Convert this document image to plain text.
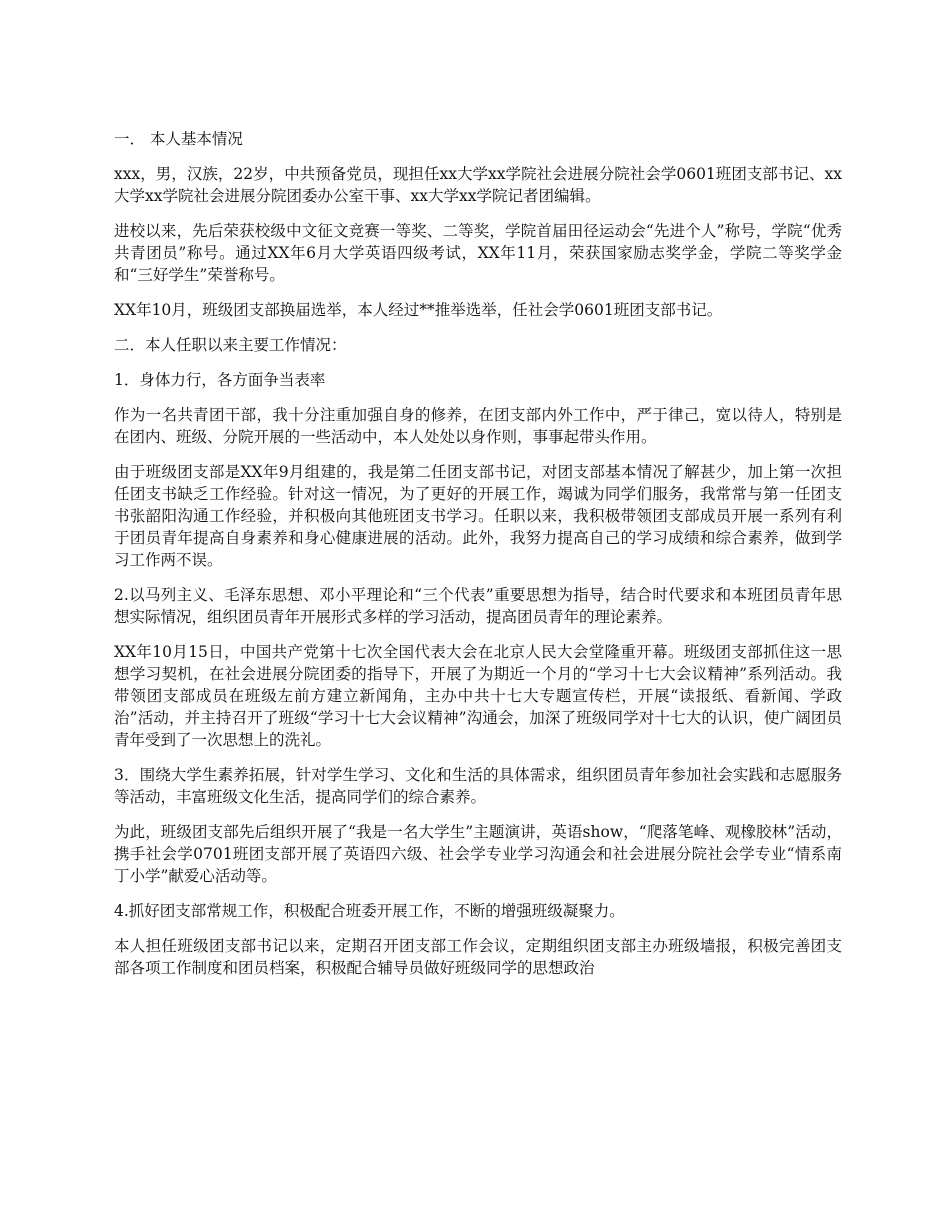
一． 本人基本情况

xxx，男，汉族，22岁，中共预备党员，现担任xx大学xx学院社会进展分院社会学0601班团支部书记、xx大学xx学院社会进展分院团委办公室干事、xx大学xx学院记者团编辑。

进校以来，先后荣获校级中文征文竞赛一等奖、二等奖，学院首届田径运动会“先进个人”称号，学院“优秀共青团员”称号。通过XX年6月大学英语四级考试，XX年11月，荣获国家励志奖学金，学院二等奖学金和“三好学生”荣誉称号。

XX年10月，班级团支部换届选举，本人经过**推举选举，任社会学0601班团支部书记。

二．本人任职以来主要工作情况：

1．身体力行，各方面争当表率

作为一名共青团干部，我十分注重加强自身的修养，在团支部内外工作中，严于律己，宽以待人，特别是在团内、班级、分院开展的一些活动中，本人处处以身作则，事事起带头作用。

由于班级团支部是XX年9月组建的，我是第二任团支部书记，对团支部基本情况了解甚少，加上第一次担任团支书缺乏工作经验。针对这一情况，为了更好的开展工作，竭诚为同学们服务，我常常与第一任团支书张韶阳沟通工作经验，并积极向其他班团支书学习。任职以来，我积极带领团支部成员开展一系列有利于团员青年提高自身素养和身心健康进展的活动。此外，我努力提高自己的学习成绩和综合素养，做到学习工作两不误。

2.以马列主义、毛泽东思想、邓小平理论和“三个代表”重要思想为指导，结合时代要求和本班团员青年思想实际情况，组织团员青年开展形式多样的学习活动，提高团员青年的理论素养。

XX年10月15日，中国共产党第十七次全国代表大会在北京人民大会堂隆重开幕。班级团支部抓住这一思想学习契机，在社会进展分院团委的指导下，开展了为期近一个月的“学习十七大会议精神”系列活动。我带领团支部成员在班级左前方建立新闻角，主办中共十七大专题宣传栏，开展“读报纸、看新闻、学政治”活动，并主持召开了班级“学习十七大会议精神”沟通会，加深了班级同学对十七大的认识，使广阔团员青年受到了一次思想上的洗礼。

3．围绕大学生素养拓展，针对学生学习、文化和生活的具体需求，组织团员青年参加社会实践和志愿服务等活动，丰富班级文化生活，提高同学们的综合素养。

为此，班级团支部先后组织开展了“我是一名大学生”主题演讲，英语show，“爬落笔峰、观橡胶林”活动，携手社会学0701班团支部开展了英语四六级、社会学专业学习沟通会和社会进展分院社会学专业“情系南丁小学”献爱心活动等。

4.抓好团支部常规工作，积极配合班委开展工作，不断的增强班级凝聚力。

本人担任班级团支部书记以来，定期召开团支部工作会议，定期组织团支部主办班级墙报，积极完善团支部各项工作制度和团员档案，积极配合辅导员做好班级同学的思想政治
